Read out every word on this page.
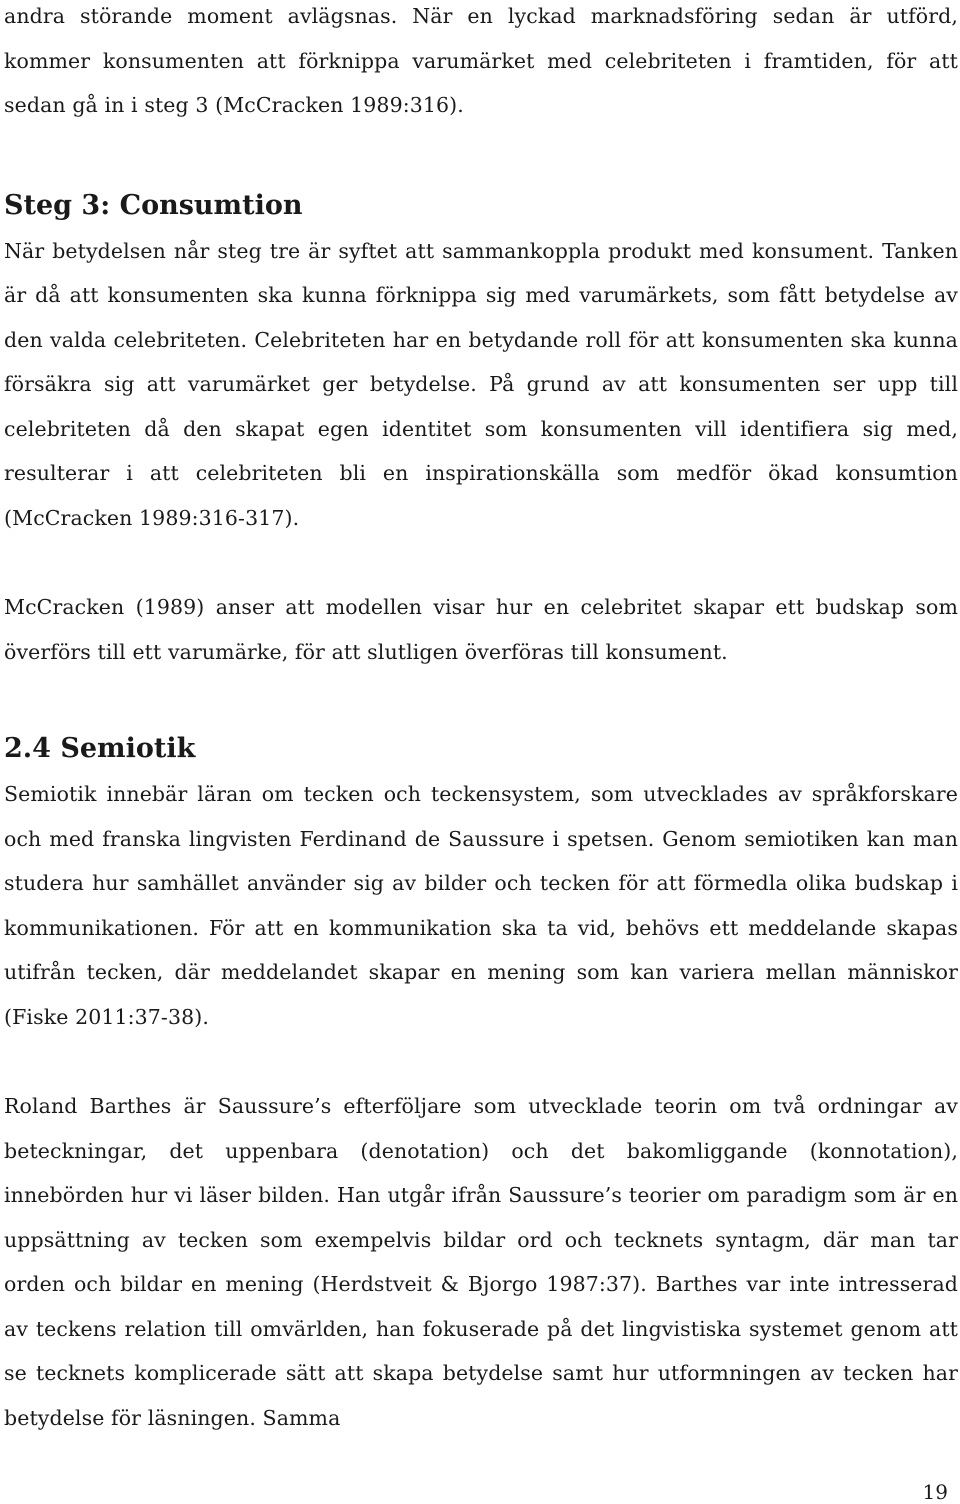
andra störande moment avlägsnas. När en lyckad marknadsföring sedan är utförd, kommer konsumenten att förknippa varumärket med celebriteten i framtiden, för att sedan gå in i steg 3 (McCracken 1989:316).

Steg 3: Consumtion

När betydelsen når steg tre är syftet att sammankoppla produkt med konsument. Tanken är då att konsumenten ska kunna förknippa sig med varumärkets, som fått betydelse av den valda celebriteten. Celebriteten har en betydande roll för att konsumenten ska kunna försäkra sig att varumärket ger betydelse. På grund av att konsumenten ser upp till celebriteten då den skapat egen identitet som konsumenten vill identifiera sig med, resulterar i att celebriteten bli en inspirationskälla som medför ökad konsumtion (McCracken 1989:316-317).

McCracken (1989) anser att modellen visar hur en celebritet skapar ett budskap som överförs till ett varumärke, för att slutligen överföras till konsument.

2.4 Semiotik

Semiotik innebär läran om tecken och teckensystem, som utvecklades av språkforskare och med franska lingvisten Ferdinand de Saussure i spetsen. Genom semiotiken kan man studera hur samhället använder sig av bilder och tecken för att förmedla olika budskap i kommunikationen. För att en kommunikation ska ta vid, behövs ett meddelande skapas utifrån tecken, där meddelandet skapar en mening som kan variera mellan människor (Fiske 2011:37-38).

Roland Barthes är Saussure’s efterföljare som utvecklade teorin om två ordningar av beteckningar, det uppenbara (denotation) och det bakomliggande (konnotation), innebörden hur vi läser bilden. Han utgår ifrån Saussure’s teorier om paradigm som är en uppsättning av tecken som exempelvis bildar ord och tecknets syntagm, där man tar orden och bildar en mening (Herdstveit & Bjorgo 1987:37). Barthes var inte intresserad av teckens relation till omvärlden, han fokuserade på det lingvistiska systemet genom att se tecknets komplicerade sätt att skapa betydelse samt hur utformningen av tecken har betydelse för läsningen. Samma

19
